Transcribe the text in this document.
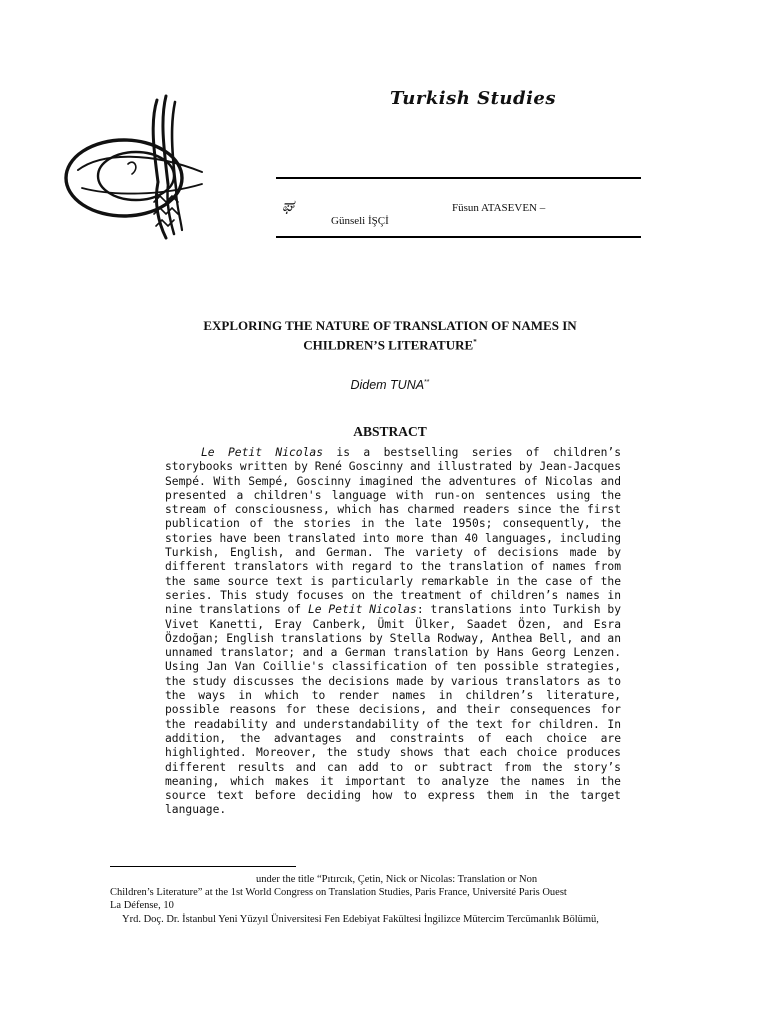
Turkish Studies
ಘ	Füsun ATASEVEN –
Günseli İŞÇİ
EXPLORING THE NATURE OF TRANSLATION OF NAMES IN
CHILDREN’S LITERATURE*
Didem TUNA**
ABSTRACT
Le Petit Nicolas is a bestselling series of children’s storybooks written by René Goscinny and illustrated by Jean-Jacques Sempé. With Sempé, Goscinny imagined the adventures of Nicolas and presented a children's language with run-on sentences using the stream of consciousness, which has charmed readers since the first publication of the stories in the late 1950s; consequently, the stories have been translated into more than 40 languages, including Turkish, English, and German. The variety of decisions made by different translators with regard to the translation of names from the same source text is particularly remarkable in the case of the series. This study focuses on the treatment of children’s names in nine translations of Le Petit Nicolas: translations into Turkish by Vivet Kanetti, Eray Canberk, Ümit Ülker, Saadet Özen, and Esra Özdoğan; English translations by Stella Rodway, Anthea Bell, and an unnamed translator; and a German translation by Hans Georg Lenzen. Using Jan Van Coillie's classification of ten possible strategies, the study discusses the decisions made by various translators as to the ways in which to render names in children’s literature, possible reasons for these decisions, and their consequences for the readability and understandability of the text for children. In addition, the advantages and constraints of each choice are highlighted. Moreover, the study shows that each choice produces different results and can add to or subtract from the story’s meaning, which makes it important to analyze the names in the source text before deciding how to express them in the target language.
under the title “Pıtırcık, Çetin, Nick or Nicolas: Translation or Non
Children’s Literature” at the 1st World Congress on Translation Studies, Paris France, Université Paris Ouest
La Défense, 10
Yrd. Doç. Dr. İstanbul Yeni Yüzyıl Üniversitesi Fen Edebiyat Fakültesi İngilizce Mütercim Tercümanlık Bölümü,
